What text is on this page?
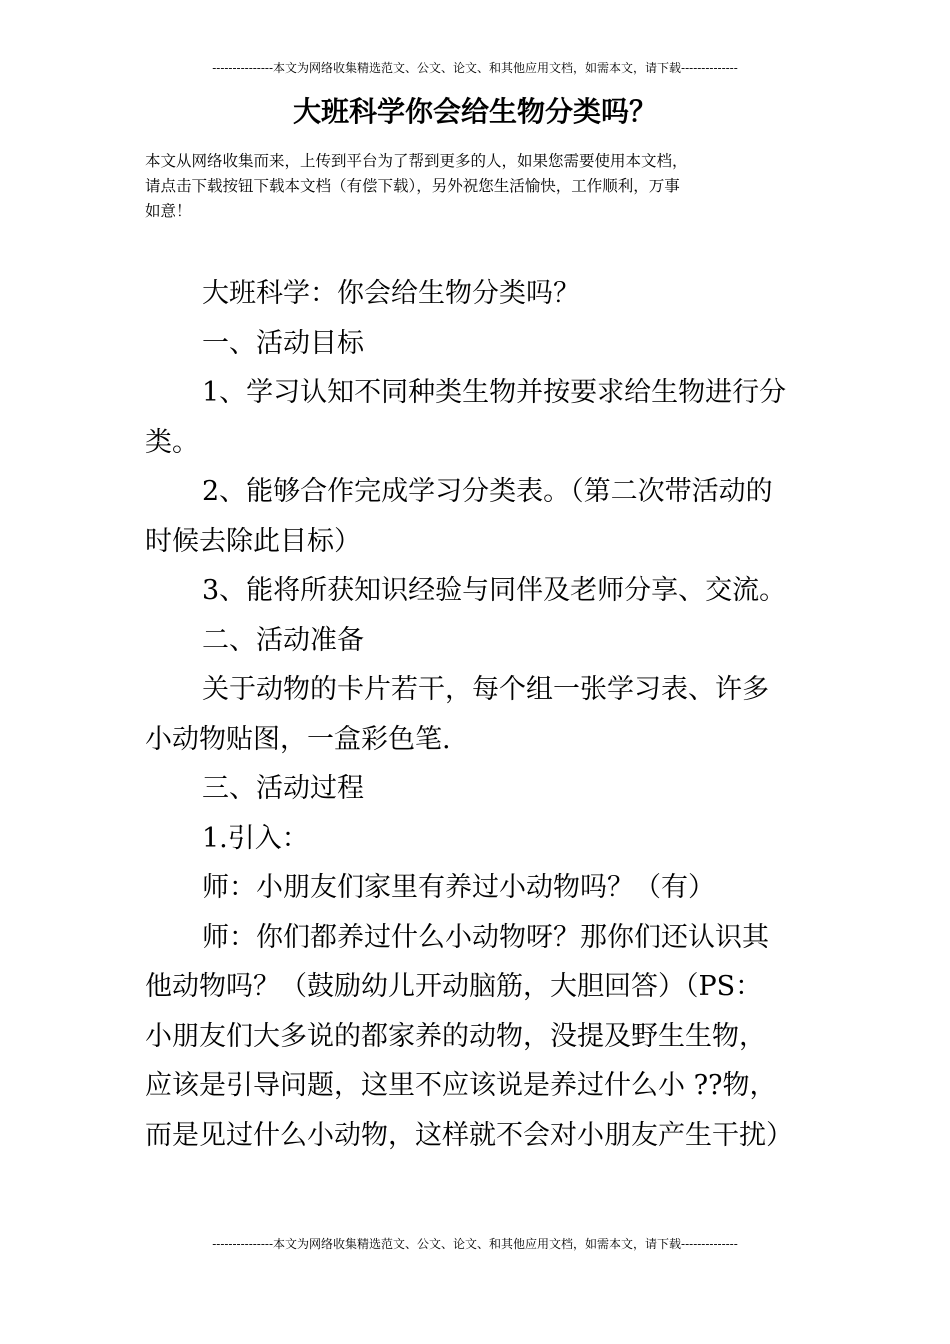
---------------本文为网络收集精选范文、公文、论文、和其他应用文档，如需本文，请下载--------------
大班科学你会给生物分类吗？
本文从网络收集而来，上传到平台为了帮到更多的人，如果您需要使用本文档，
请点击下载按钮下载本文档（有偿下载），另外祝您生活愉快，工作顺利，万事
如意！
大班科学：你会给生物分类吗？
一、活动目标
1、学习认知不同种类生物并按要求给生物进行分
类。
2、能够合作完成学习分类表。（第二次带活动的
时候去除此目标）
3、能将所获知识经验与同伴及老师分享、交流。
二、活动准备
关于动物的卡片若干，每个组一张学习表、许多
小动物贴图，一盒彩色笔.
三、活动过程
1.引入：
师：小朋友们家里有养过小动物吗？（有）
师：你们都养过什么小动物呀？那你们还认识其
他动物吗？（鼓励幼儿开动脑筋，大胆回答）（PS：
小朋友们大多说的都家养的动物，没提及野生生物，
应该是引导问题，这里不应该说是养过什么小 ??物，
而是见过什么小动物，这样就不会对小朋友产生干扰）
---------------本文为网络收集精选范文、公文、论文、和其他应用文档，如需本文，请下载--------------
